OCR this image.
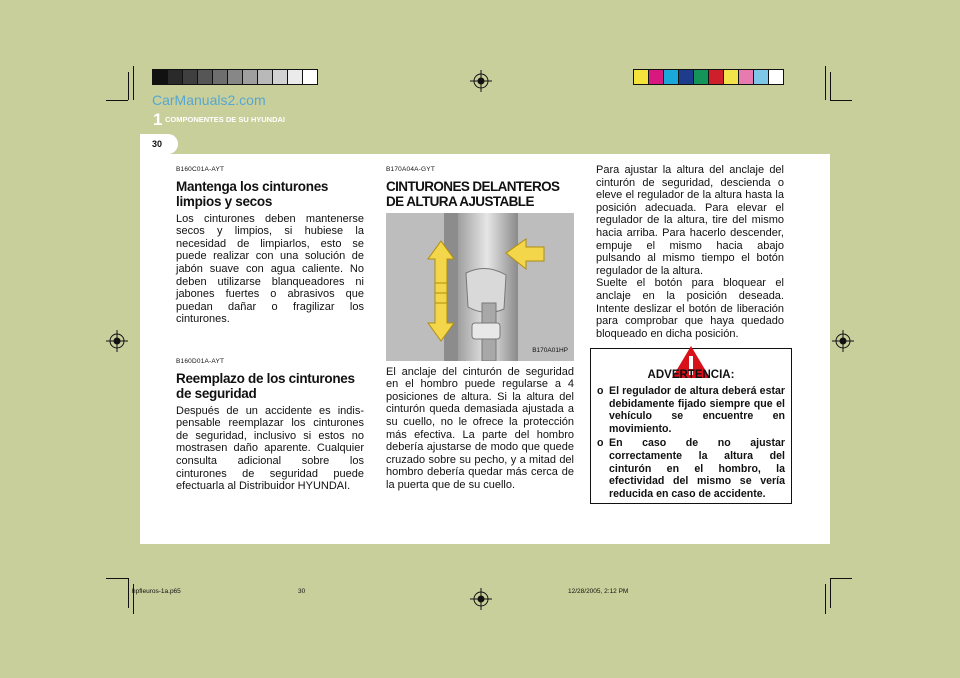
1 COMPONENTES DE SU HYUNDAI
CarManuals2.com
30
B160C01A-AYT
Mantenga los cinturones limpios y secos

Los cinturones deben mantenerse secos y limpios, si hubiese la necesidad de limpiarlos, esto se puede realizar con una solución de jabón suave con agua caliente. No deben utilizarse blanqueadores ni jabones fuertes o abrasivos que puedan dañar o fragilizar los cinturones.

B160D01A-AYT
Reemplazo de los cinturones de seguridad

Después de un accidente es indis- pensable reemplazar los cinturones de seguridad, inclusivo si estos no mostrasen daño aparente. Cualquier consulta adicional sobre los cinturones de seguridad puede efectuarla al Distribuidor HYUNDAI.

B170A04A-GYT
CINTURONES DELANTEROS DE ALTURA AJUSTABLE
B170A01HP

El anclaje del cinturón de seguridad en el hombro puede regularse a 4 posiciones de altura. Si la altura del cinturón queda demasiada ajustada a su cuello, no le ofrece la protección más efectiva. La parte del hombro debería ajustarse de modo que quede cruzado sobre su pecho, y a mitad del hombro debería quedar más cerca de la puerta que de su cuello.

Para ajustar la altura del anclaje del cinturón de seguridad, descienda o eleve el regulador de la altura hasta la posición adecuada. Para elevar el regulador de la altura, tire del mismo hacia arriba. Para hacerlo descender, empuje el mismo hacia abajo pulsando al mismo tiempo el botón regulador de la altura.

Suelte el botón para bloquear el anclaje en la posición deseada. Intente deslizar el botón de liberación para comprobar que haya quedado bloqueado en dicha posición.

ADVERTENCIA:
o El regulador de altura deberá estar debidamente fijado siempre que el vehículo se encuentre en movimiento.
o En caso de no ajustar correctamente la altura del cinturón en el hombro, la efectividad del mismo se vería reducida en caso de accidente.
hpfleuros-1a.p65	30	12/28/2005, 2:12 PM
